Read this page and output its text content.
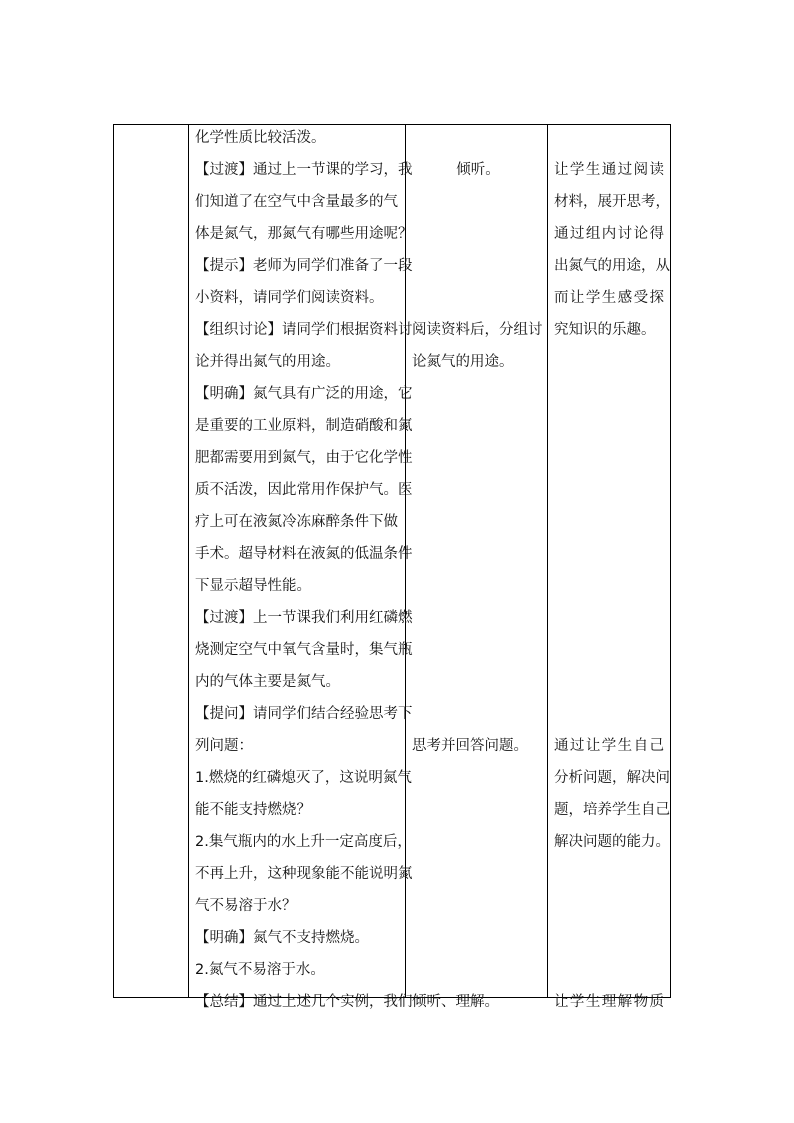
化学性质比较活泼。
【过渡】通过上一节课的学习，我
们知道了在空气中含量最多的气
体是氮气，那氮气有哪些用途呢？
【提示】老师为同学们准备了一段
小资料，请同学们阅读资料。
【组织讨论】请同学们根据资料讨
论并得出氮气的用途。
【明确】氮气具有广泛的用途，它
是重要的工业原料，制造硝酸和氮
肥都需要用到氮气，由于它化学性
质不活泼，因此常用作保护气。医
疗上可在液氮冷冻麻醉条件下做
手术。超导材料在液氮的低温条件
下显示超导性能。
【过渡】上一节课我们利用红磷燃
烧测定空气中氧气含量时，集气瓶
内的气体主要是氮气。
【提问】请同学们结合经验思考下
列问题：
1.燃烧的红磷熄灭了，这说明氮气
能不能支持燃烧？
2.集气瓶内的水上升一定高度后，
不再上升，这种现象能不能说明氮
气不易溶于水？
【明确】氮气不支持燃烧。
2.氮气不易溶于水。
【总结】通过上述几个实例，我们
倾听。
阅读资料后，分组讨
论氮气的用途。
思考并回答问题。
倾听、理解。
让学生通过阅读
材料，展开思考，
通过组内讨论得
出氮气的用途，从
而让学生感受探
究知识的乐趣。
通过让学生自己
分析问题，解决问
题，培养学生自己
解决问题的能力。
让学生理解物质
